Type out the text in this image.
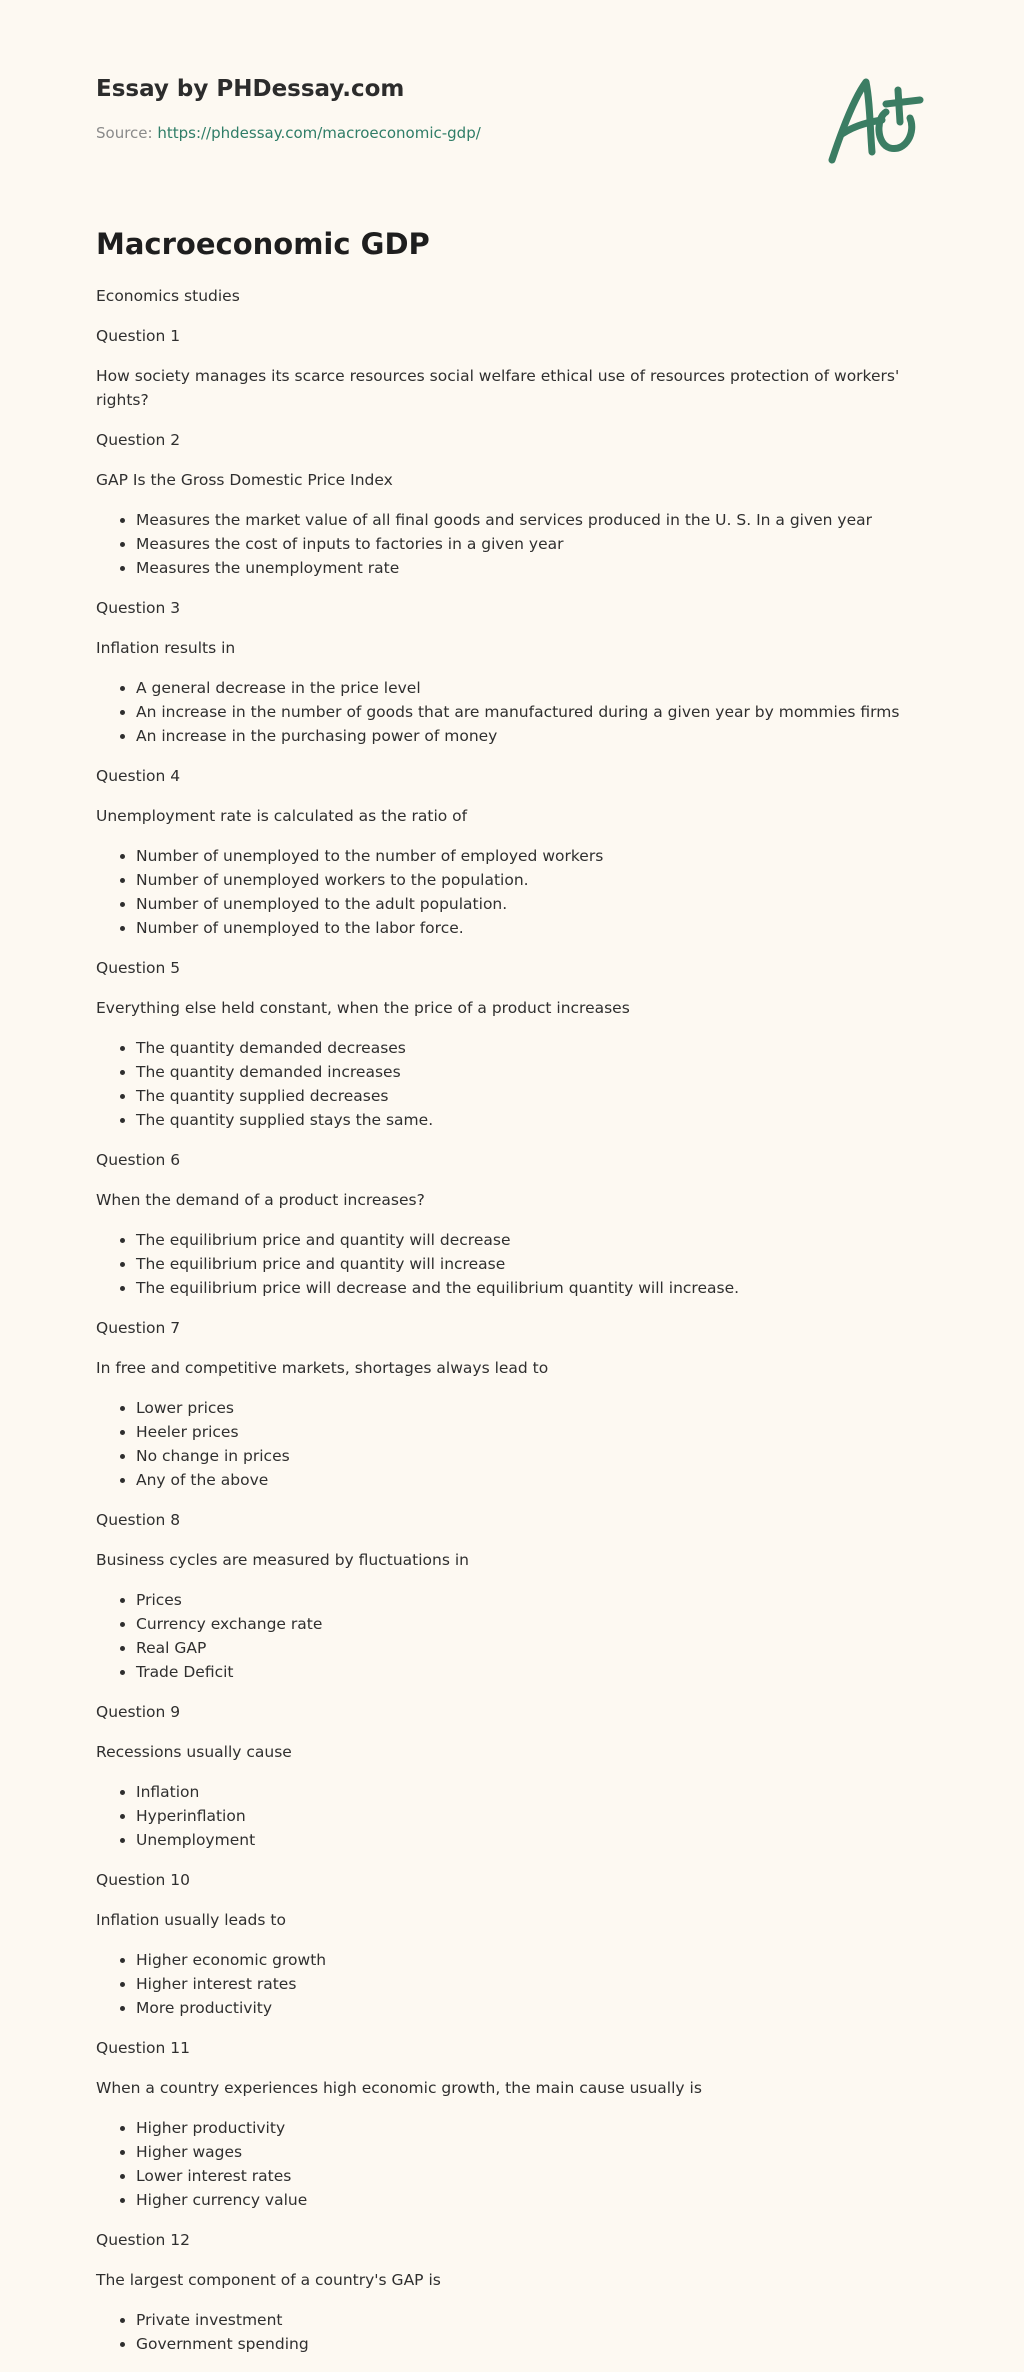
Essay by PHDessay.com
Source: https://phdessay.com/macroeconomic-gdp/
Macroeconomic GDP

Economics studies

Question 1

How society manages its scarce resources social welfare ethical use of resources protection of workers' rights?

Question 2

GAP Is the Gross Domestic Price Index

• Measures the market value of all final goods and services produced in the U. S. In a given year
• Measures the cost of inputs to factories in a given year
• Measures the unemployment rate

Question 3

Inflation results in

• A general decrease in the price level
• An increase in the number of goods that are manufactured during a given year by mommies firms
• An increase in the purchasing power of money

Question 4

Unemployment rate is calculated as the ratio of

• Number of unemployed to the number of employed workers
• Number of unemployed workers to the population.
• Number of unemployed to the adult population.
• Number of unemployed to the labor force.

Question 5

Everything else held constant, when the price of a product increases

• The quantity demanded decreases
• The quantity demanded increases
• The quantity supplied decreases
• The quantity supplied stays the same.

Question 6

When the demand of a product increases?

• The equilibrium price and quantity will decrease
• The equilibrium price and quantity will increase
• The equilibrium price will decrease and the equilibrium quantity will increase.

Question 7

In free and competitive markets, shortages always lead to

• Lower prices
• Heeler prices
• No change in prices
• Any of the above

Question 8

Business cycles are measured by fluctuations in

• Prices
• Currency exchange rate
• Real GAP
• Trade Deficit

Question 9

Recessions usually cause

• Inflation
• Hyperinflation
• Unemployment

Question 10

Inflation usually leads to

• Higher economic growth
• Higher interest rates
• More productivity

Question 11

When a country experiences high economic growth, the main cause usually is

• Higher productivity
• Higher wages
• Lower interest rates
• Higher currency value

Question 12

The largest component of a country's GAP is

• Private investment
• Government spending
